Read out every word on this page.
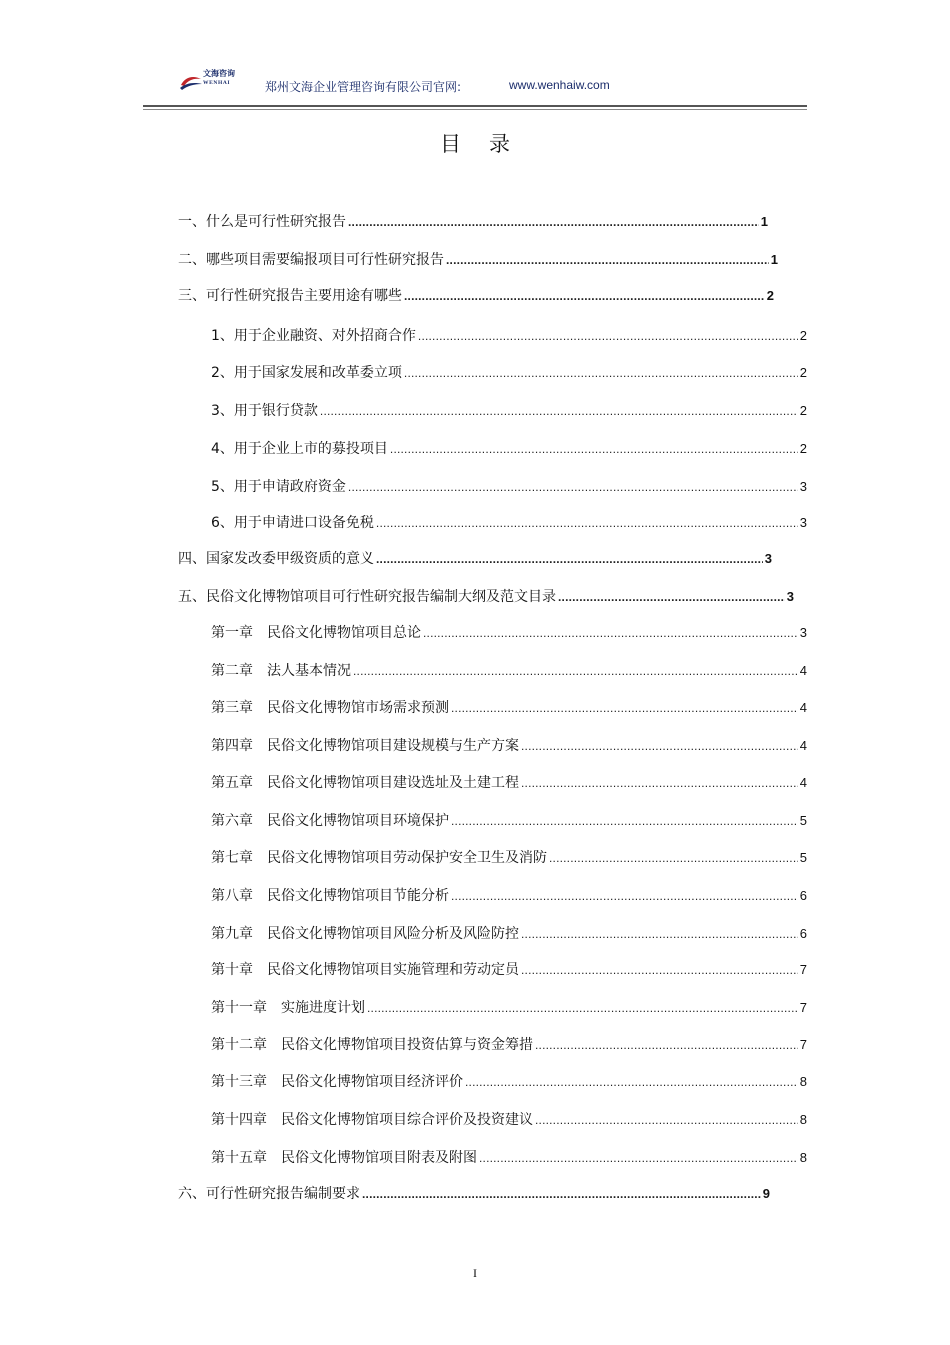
文海咨询
WENHAI	郑州文海企业管理咨询有限公司官网:	www.wenhaiw.com
目录
一、什么是可行性研究报告 .....	1
二、哪些项目需要编报项目可行性研究报告 .....	1
三、可行性研究报告主要用途有哪些 .....	2
1、用于企业融资、对外招商合作 .....	2
2、用于国家发展和改革委立项 .....	2
3、用于银行贷款 .....	2
4、用于企业上市的募投项目 .....	2
5、用于申请政府资金 .....	3
6、用于申请进口设备免税 .....	3
四、国家发改委甲级资质的意义 .....	3
五、民俗文化博物馆项目可行性研究报告编制大纲及范文目录 .....	3
第一章　民俗文化博物馆项目总论 .....	3
第二章　法人基本情况 .....	4
第三章　民俗文化博物馆市场需求预测 .....	4
第四章　民俗文化博物馆项目建设规模与生产方案 .....	4
第五章　民俗文化博物馆项目建设选址及土建工程 .....	4
第六章　民俗文化博物馆项目环境保护 .....	5
第七章　民俗文化博物馆项目劳动保护安全卫生及消防 .....	5
第八章　民俗文化博物馆项目节能分析 .....	6
第九章　民俗文化博物馆项目风险分析及风险防控 .....	6
第十章　民俗文化博物馆项目实施管理和劳动定员 .....	7
第十一章　实施进度计划 .....	7
第十二章　民俗文化博物馆项目投资估算与资金筹措 .....	7
第十三章　民俗文化博物馆项目经济评价 .....	8
第十四章　民俗文化博物馆项目综合评价及投资建议 .....	8
第十五章　民俗文化博物馆项目附表及附图 .....	8
六、可行性研究报告编制要求 .....	9
I
